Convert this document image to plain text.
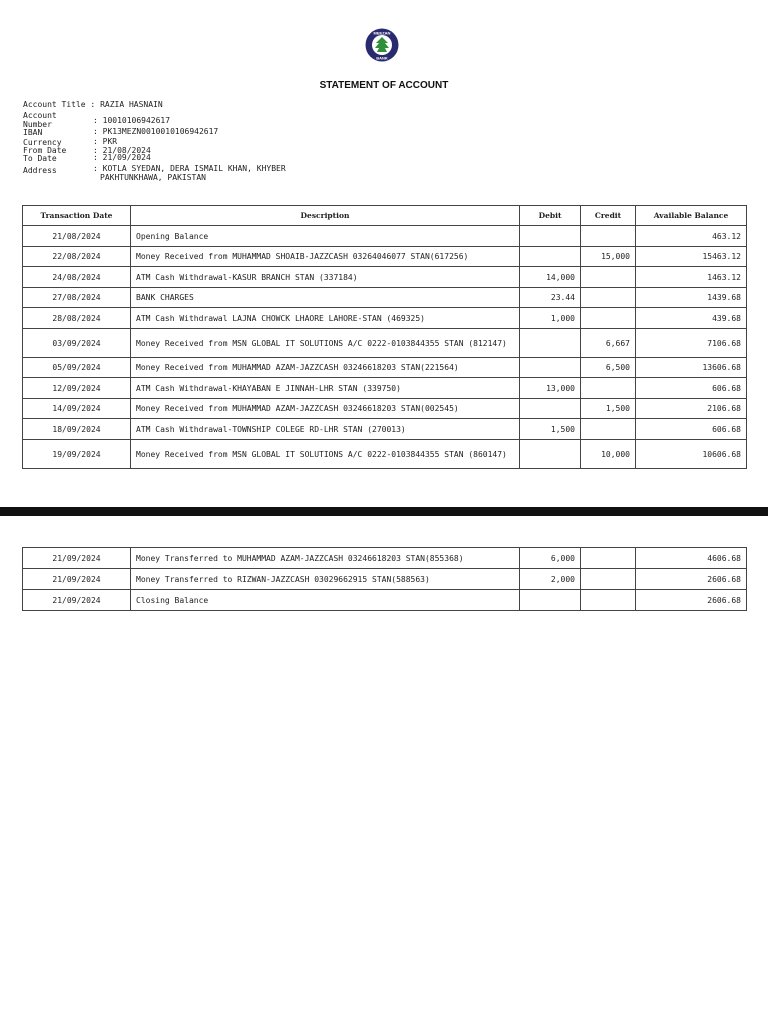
MEEZAN
BANK
STATEMENT OF ACCOUNT
Account Title : RAZIA HASNAIN
Account
Number	: 10010106942617
IBAN	: PK13MEZN0010010106942617
Currency	: PKR
From Date	: 21/08/2024
To Date	: 21/09/2024
Address	: KOTLA SYEDAN, DERA ISMAIL KHAN, KHYBER
PAKHTUNKHAWA, PAKISTAN
Transaction Date	Description	Debit	Credit	Available Balance
21/08/2024	Opening Balance			463.12
22/08/2024	Money Received from MUHAMMAD SHOAIB-JAZZCASH 03264046077 STAN(617256)		15,000	15463.12
24/08/2024	ATM Cash Withdrawal-KASUR BRANCH STAN (337184)	14,000		1463.12
27/08/2024	BANK CHARGES	23.44		1439.68
28/08/2024	ATM Cash Withdrawal LAJNA CHOWCK LHAORE LAHORE-STAN (469325)	1,000		439.68
03/09/2024	Money Received from MSN GLOBAL IT SOLUTIONS A/C 0222-0103844355 STAN (812147)		6,667	7106.68
05/09/2024	Money Received from MUHAMMAD AZAM-JAZZCASH 03246618203 STAN(221564)		6,500	13606.68
12/09/2024	ATM Cash Withdrawal-KHAYABAN E JINNAH-LHR STAN (339750)	13,000		606.68
14/09/2024	Money Received from MUHAMMAD AZAM-JAZZCASH 03246618203 STAN(002545)		1,500	2106.68
18/09/2024	ATM Cash Withdrawal-TOWNSHIP COLEGE RD-LHR STAN (270013)	1,500		606.68
19/09/2024	Money Received from MSN GLOBAL IT SOLUTIONS A/C 0222-0103844355 STAN (860147)		10,000	10606.68
21/09/2024	Money Transferred to MUHAMMAD AZAM-JAZZCASH 03246618203 STAN(855368)	6,000		4606.68
21/09/2024	Money Transferred to RIZWAN-JAZZCASH 03029662915 STAN(588563)	2,000		2606.68
21/09/2024	Closing Balance			2606.68
